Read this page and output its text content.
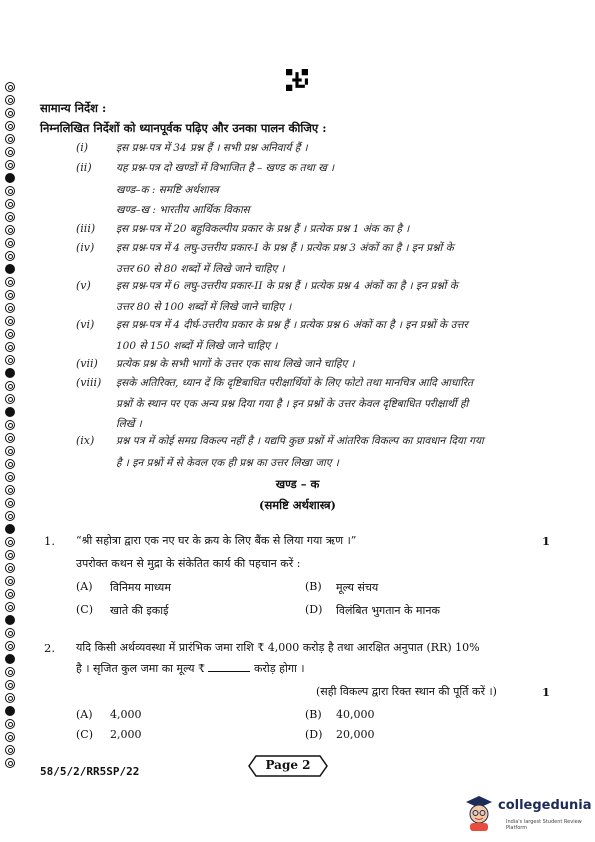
सामान्य निर्देश :
निम्नलिखित निर्देशों को ध्यानपूर्वक पढ़िए और उनका पालन कीजिए :
(i)	इस प्रश्न-पत्र में 34 प्रश्न हैं । सभी प्रश्न अनिवार्य हैं ।
(ii) यह प्रश्न-पत्र दो खण्डों में विभाजित है – खण्ड क तथा ख ।
खण्ड–क : समष्टि अर्थशास्त्र
खण्ड–ख : भारतीय आर्थिक विकास
(iii) इस प्रश्न-पत्र में 20 बहुविकल्पीय प्रकार के प्रश्न हैं । प्रत्येक प्रश्न 1 अंक का है ।
(iv) इस प्रश्न-पत्र में 4 लघु-उत्तरीय प्रकार-I के प्रश्न हैं । प्रत्येक प्रश्न 3 अंकों का है । इन प्रश्नों के
उत्तर 60 से 80 शब्दों में लिखे जाने चाहिए ।
(v) इस प्रश्न-पत्र में 6 लघु-उत्तरीय प्रकार-II के प्रश्न हैं । प्रत्येक प्रश्न 4 अंकों का है । इन प्रश्नों के
उत्तर 80 से 100 शब्दों में लिखे जाने चाहिए ।
(vi) इस प्रश्न-पत्र में 4 दीर्घ-उत्तरीय प्रकार के प्रश्न हैं । प्रत्येक प्रश्न 6 अंकों का है । इन प्रश्नों के उत्तर
100 से 150 शब्दों में लिखे जाने चाहिए ।
(vii) प्रत्येक प्रश्न के सभी भागों के उत्तर एक साथ लिखे जाने चाहिए ।
(viii) इसके अतिरिक्त, ध्यान दें कि दृष्टिबाधित परीक्षार्थियों के लिए फोटो तथा मानचित्र आदि आधारित
प्रश्नों के स्थान पर एक अन्य प्रश्न दिया गया है । इन प्रश्नों के उत्तर केवल दृष्टिबाधित परीक्षार्थी ही
लिखें ।
(ix) प्रश्न पत्र में कोई समग्र विकल्प नहीं है । यद्यपि कुछ प्रश्नों में आंतरिक विकल्प का प्रावधान दिया गया
है । इन प्रश्नों में से केवल एक ही प्रश्न का उत्तर लिखा जाए ।
खण्ड – क
(समष्टि अर्थशास्त्र)
1. “श्री सहोत्रा द्वारा एक नए घर के क्रय के लिए बैंक से लिया गया ऋण ।”	1
उपरोक्त कथन से मुद्रा के संकेतित कार्य की पहचान करें :
(A) विनिमय माध्यम	(B) मूल्य संचय
(C) खाते की इकाई	(D) विलंबित भुगतान के मानक
2. यदि किसी अर्थव्यवस्था में प्रारंभिक जमा राशि ₹ 4,000 करोड़ है तथा आरक्षित अनुपात (RR) 10%
है । सृजित कुल जमा का मूल्य ₹	करोड़ होगा ।
(सही विकल्प द्वारा रिक्त स्थान की पूर्ति करें ।)	1
(A) 4,000	(B) 40,000
(C) 2,000	(D) 20,000
58/5/2/RR5SP/22	Page 2
collegedunia
India's largest Student Review Platform
